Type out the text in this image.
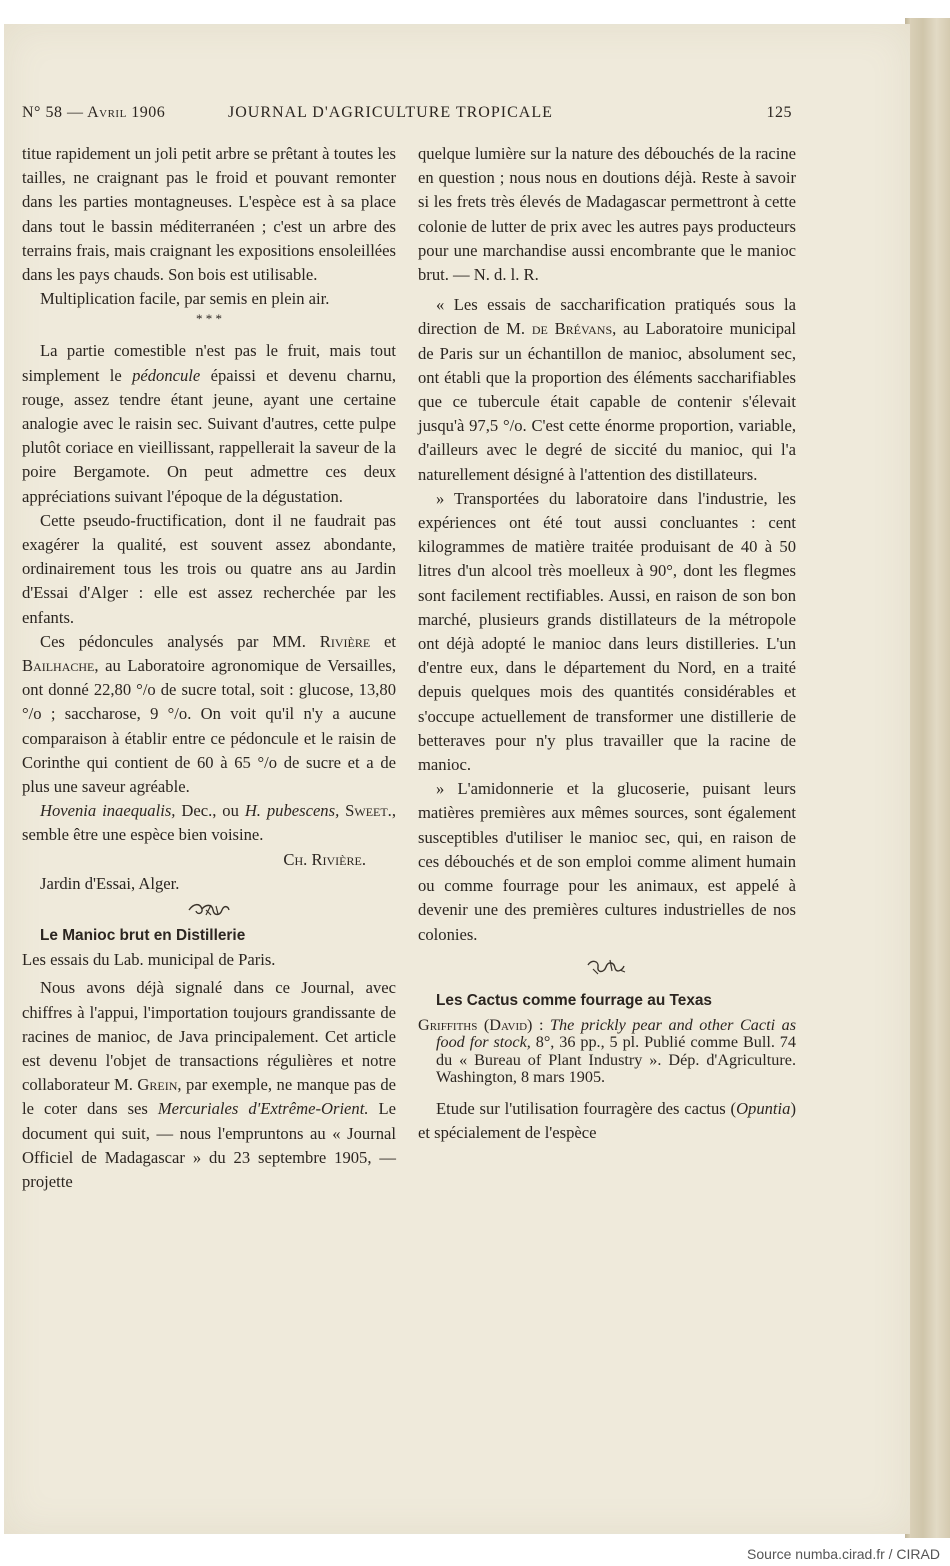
N° 58 — Avril 1906	JOURNAL D'AGRICULTURE TROPICALE	125

titue rapidement un joli petit arbre se prêtant à toutes les tailles, ne craignant pas le froid et pouvant remonter dans les parties montagneuses. L'espèce est à sa place dans tout le bassin méditerranéen ; c'est un arbre des terrains frais, mais craignant les expositions ensoleillées dans les pays chauds. Son bois est utilisable.

Multiplication facile, par semis en plein air.

* * *

La partie comestible n'est pas le fruit, mais tout simplement le pédoncule épaissi et devenu charnu, rouge, assez tendre étant jeune, ayant une certaine analogie avec le raisin sec. Suivant d'autres, cette pulpe plutôt coriace en vieillissant, rappellerait la saveur de la poire Bergamote. On peut admettre ces deux appréciations suivant l'époque de la dégustation.

Cette pseudo-fructification, dont il ne faudrait pas exagérer la qualité, est souvent assez abondante, ordinairement tous les trois ou quatre ans au Jardin d'Essai d'Alger : elle est assez recherchée par les enfants.

Ces pédoncules analysés par MM. Rivière et Bailhache, au Laboratoire agronomique de Versailles, ont donné 22,80 °/o de sucre total, soit : glucose, 13,80 °/o ; saccharose, 9 °/o. On voit qu'il n'y a aucune comparaison à établir entre ce pédoncule et le raisin de Corinthe qui contient de 60 à 65 °/o de sucre et a de plus une saveur agréable.

Hovenia inaequalis, Dec., ou H. pubescens, Sweet., semble être une espèce bien voisine.

Ch. Rivière.

Jardin d'Essai, Alger.

Le Manioc brut en Distillerie

Les essais du Lab. municipal de Paris.

Nous avons déjà signalé dans ce Journal, avec chiffres à l'appui, l'importation toujours grandissante de racines de manioc, de Java principalement. Cet article est devenu l'objet de transactions régulières et notre collaborateur M. Grein, par exemple, ne manque pas de le coter dans ses Mercuriales d'Extrême-Orient. Le document qui suit, — nous l'empruntons au « Journal Officiel de Madagascar » du 23 septembre 1905, — projette

quelque lumière sur la nature des débouchés de la racine en question ; nous nous en doutions déjà. Reste à savoir si les frets très élevés de Madagascar permettront à cette colonie de lutter de prix avec les autres pays producteurs pour une marchandise aussi encombrante que le manioc brut. — N. d. l. R.

« Les essais de saccharification pratiqués sous la direction de M. de Brévans, au Laboratoire municipal de Paris sur un échantillon de manioc, absolument sec, ont établi que la proportion des éléments saccharifiables que ce tubercule était capable de contenir s'élevait jusqu'à 97,5 °/o. C'est cette énorme proportion, variable, d'ailleurs avec le degré de siccité du manioc, qui l'a naturellement désigné à l'attention des distillateurs.

» Transportées du laboratoire dans l'industrie, les expériences ont été tout aussi concluantes : cent kilogrammes de matière traitée produisant de 40 à 50 litres d'un alcool très moelleux à 90°, dont les flegmes sont facilement rectifiables. Aussi, en raison de son bon marché, plusieurs grands distillateurs de la métropole ont déjà adopté le manioc dans leurs distilleries. L'un d'entre eux, dans le département du Nord, en a traité depuis quelques mois des quantités considérables et s'occupe actuellement de transformer une distillerie de betteraves pour n'y plus travailler que la racine de manioc.

» L'amidonnerie et la glucoserie, puisant leurs matières premières aux mêmes sources, sont également susceptibles d'utiliser le manioc sec, qui, en raison de ces débouchés et de son emploi comme aliment humain ou comme fourrage pour les animaux, est appelé à devenir une des premières cultures industrielles de nos colonies.

Les Cactus comme fourrage au Texas

Griffiths (David) : The prickly pear and other Cacti as food for stock, 8°, 36 pp., 5 pl. Publié comme Bull. 74 du « Bureau of Plant Industry ». Dép. d'Agriculture. Washington, 8 mars 1905.

Etude sur l'utilisation fourragère des cactus (Opuntia) et spécialement de l'espèce

Source numba.cirad.fr / CIRAD
